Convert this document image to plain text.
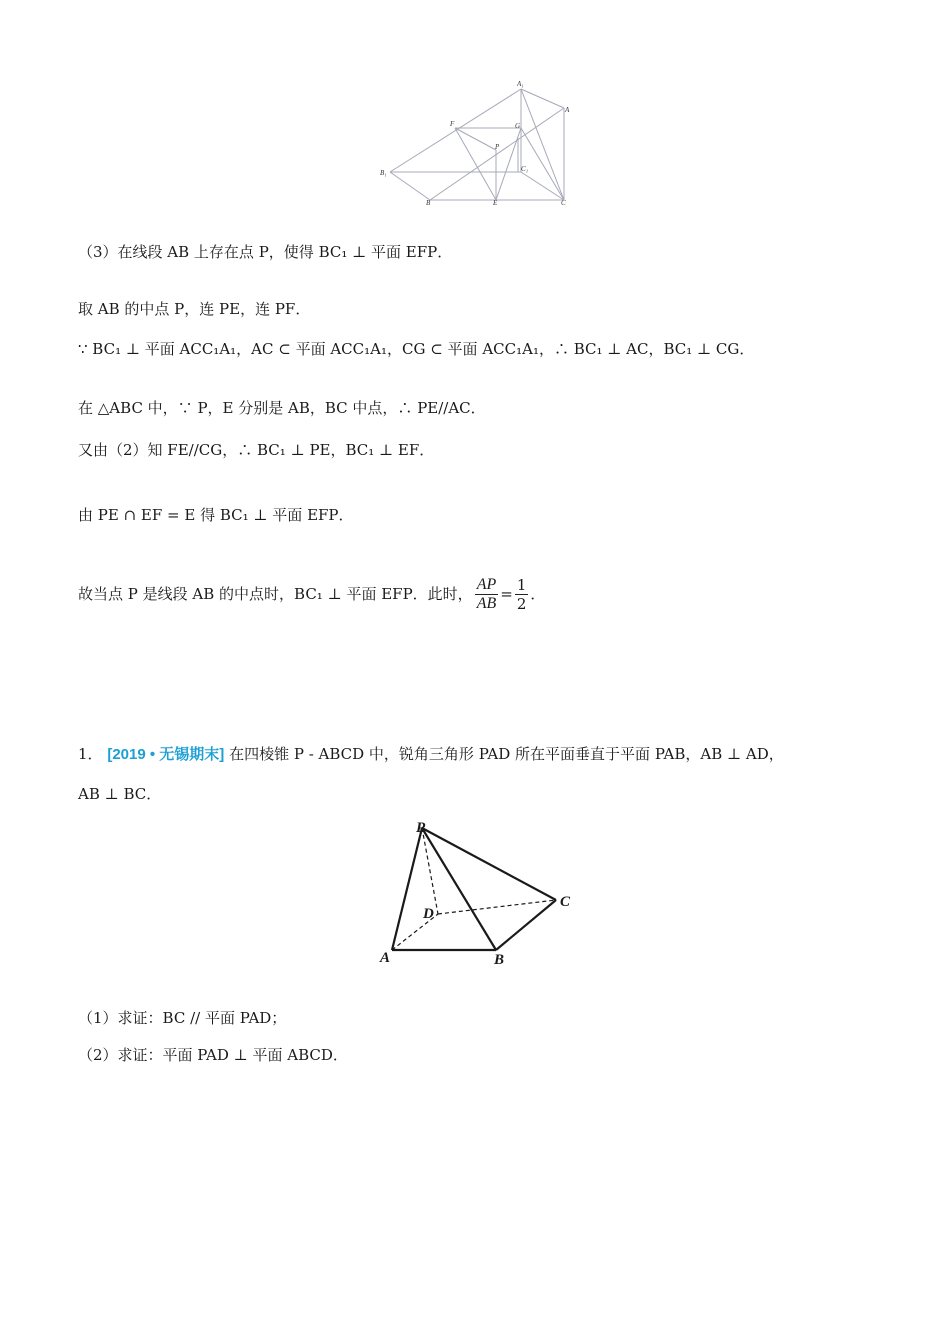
A₁
A
F	G
P
C₁
B₁
B	E	C
（3）在线段 AB 上存在点 P，使得 BC₁ ⊥ 平面 EFP．
取 AB 的中点 P，连 PE，连 PF．
∵ BC₁ ⊥ 平面 ACC₁A₁，AC ⊂ 平面 ACC₁A₁，CG ⊂ 平面 ACC₁A₁，∴ BC₁ ⊥ AC，BC₁ ⊥ CG．
在 △ABC 中，∵ P，E 分别是 AB，BC 中点，∴ PE//AC．
又由（2）知 FE//CG，∴ BC₁ ⊥ PE，BC₁ ⊥ EF．
由 PE ∩ EF = E 得 BC₁ ⊥ 平面 EFP．
故当点 P 是线段 AB 的中点时，BC₁ ⊥ 平面 EFP．此时， $\frac{AP}{AB} = \frac{1}{2}$ ．
1． [2019 • 无锡期末] 在四棱锥 P - ABCD 中，锐角三角形 PAD 所在平面垂直于平面 PAB，AB ⊥ AD，
AB ⊥ BC．
P
D
C
A	B
（1）求证：BC // 平面 PAD；
（2）求证：平面 PAD ⊥ 平面 ABCD．
